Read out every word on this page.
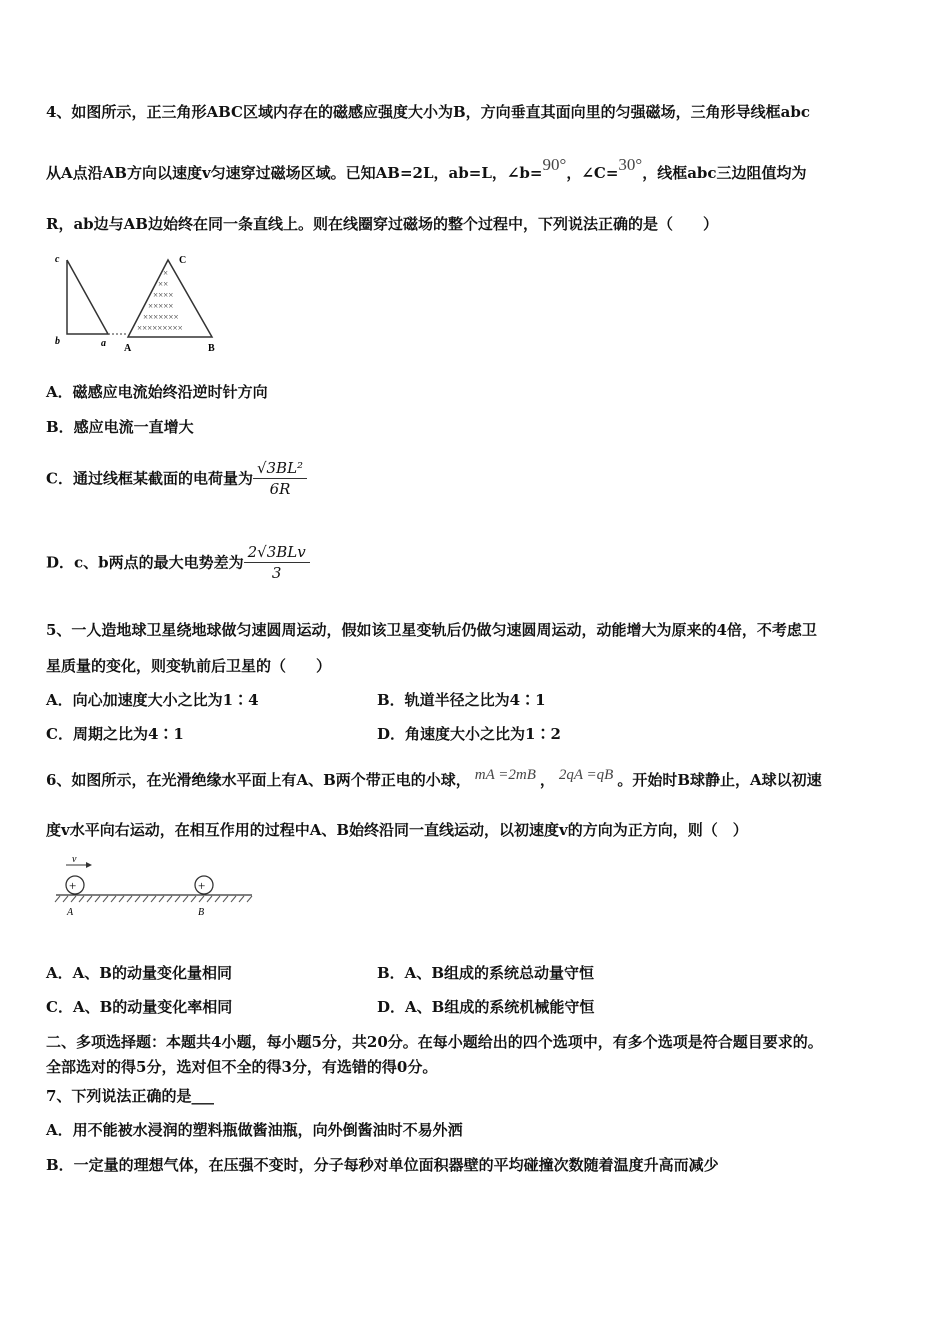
4、如图所示，正三角形ABC区域内存在的磁感应强度大小为B，方向垂直其面向里的匀强磁场，三角形导线框abc
从A点沿AB方向以速度v匀速穿过磁场区域。已知AB=2L，ab=L，∠b=90°，∠C=30°，线框abc三边阻值均为
R，ab边与AB边始终在同一条直线上。则在线圈穿过磁场的整个过程中，下列说法正确的是（　　）
×
××
××××
×××××
×××××××
×××××××××
c
b	a A	B
C
A．磁感应电流始终沿逆时针方向
B．感应电流一直增大
C．通过线框某截面的电荷量为 $\frac{\text{√3BL²}}{6R}$
D．c、b两点的最大电势差为 $\frac{\text{2√3BLv}}{3}$
5、一人造地球卫星绕地球做匀速圆周运动，假如该卫星变轨后仍做匀速圆周运动，动能增大为原来的4倍，不考虑卫
星质量的变化，则变轨前后卫星的（　　）
A．向心加速度大小之比为1∶4	B．轨道半径之比为4∶1
C．周期之比为4∶1	D．角速度大小之比为1∶2
6、如图所示，在光滑绝缘水平面上有A、B两个带正电的小球， mA =2mB ， 2qA =qB 。开始时B球静止，A球以初速
度v水平向右运动，在相互作用的过程中A、B始终沿同一直线运动，以初速度v的方向为正方向，则（　）
v
+	+
A	B
A．A、B的动量变化量相同	B．A、B组成的系统总动量守恒
C．A、B的动量变化率相同	D．A、B组成的系统机械能守恒
二、多项选择题：本题共4小题，每小题5分，共20分。在每小题给出的四个选项中，有多个选项是符合题目要求的。
全部选对的得5分，选对但不全的得3分，有选错的得0分。
7、下列说法正确的是___
A．用不能被水浸润的塑料瓶做酱油瓶，向外倒酱油时不易外洒
B．一定量的理想气体，在压强不变时，分子每秒对单位面积器壁的平均碰撞次数随着温度升高而减少
